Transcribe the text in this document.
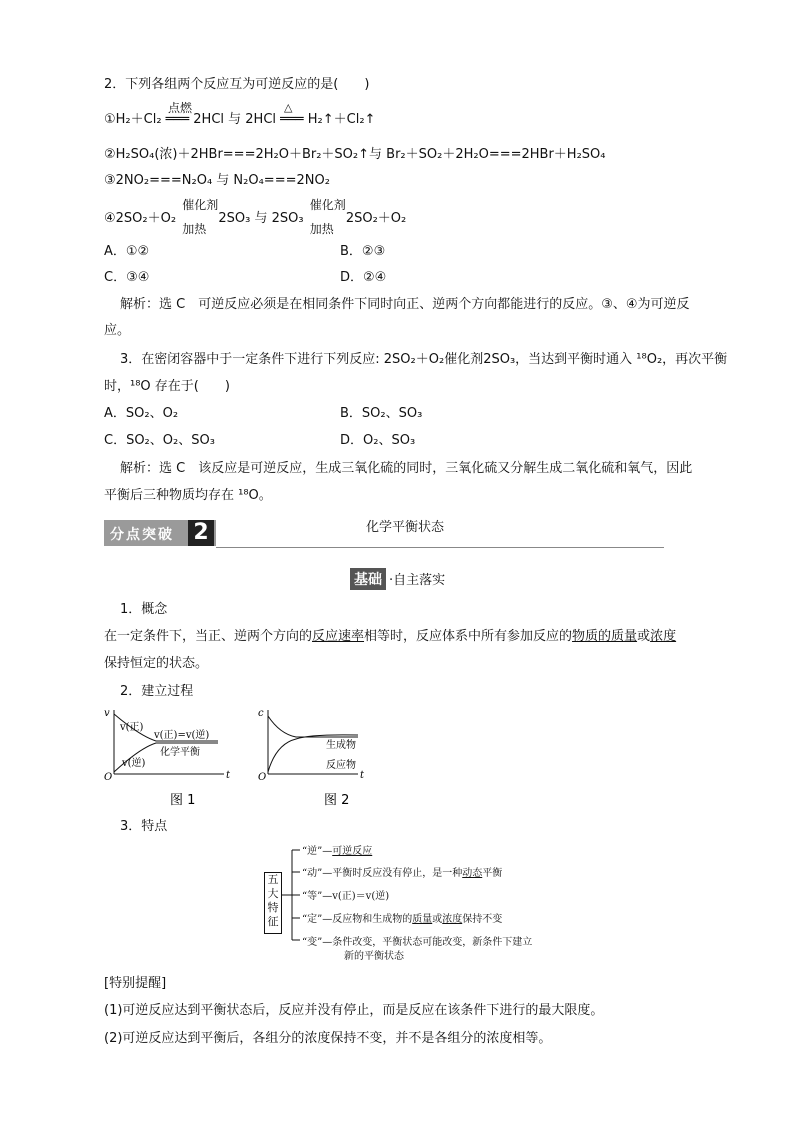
2．下列各组两个反应互为可逆反应的是(　　)
①H₂＋Cl₂ ═══ 2HCl 与 2HCl ═══ H₂↑＋Cl₂↑
点燃	△
②H₂SO₄(浓)＋2HBr===2H₂O＋Br₂＋SO₂↑与 Br₂＋SO₂＋2H₂O===2HBr＋H₂SO₄
③2NO₂===N₂O₄ 与 N₂O₄===2NO₂
④2SO₂＋O₂
催化剂
加热
2SO₃ 与 2SO₃
催化剂
加热
2SO₂＋O₂
A．①②	B．②③
C．③④	D．②④
解析：选 C　可逆反应必须是在相同条件下同时向正、逆两个方向都能进行的反应。③、④为可逆反
应。
3．在密闭容器中于一定条件下进行下列反应: 2SO₂＋O₂催化剂2SO₃，当达到平衡时通入 ¹⁸O₂，再次平衡
时，¹⁸O 存在于(　　)
A．SO₂、O₂	B．SO₂、SO₃
C．SO₂、O₂、SO₃	D．O₂、SO₃
解析：选 C　该反应是可逆反应，生成三氧化硫的同时，三氧化硫又分解生成二氧化硫和氧气，因此
平衡后三种物质均存在 ¹⁸O。
分点突破 2	化学平衡状态
基础 ·自主落实
1．概念
在一定条件下，当正、逆两个方向的反应速率相等时，反应体系中所有参加反应的物质的质量或浓度
保持恒定的状态。
2．建立过程
v
t
O
v(正)
v(正)=v(逆)
化学平衡
v(逆)
图 1
c
t
O
生成物
反应物
图 2
3．特点
五
大
特
征
“逆”—可逆反应
“动”—平衡时反应没有停止，是一种动态平衡
“等”—v(正)＝v(逆)
“定”—反应物和生成物的质量或浓度保持不变
“变”—条件改变，平衡状态可能改变，新条件下建立
新的平衡状态
[特别提醒]
(1)可逆反应达到平衡状态后，反应并没有停止，而是反应在该条件下进行的最大限度。
(2)可逆反应达到平衡后，各组分的浓度保持不变，并不是各组分的浓度相等。
